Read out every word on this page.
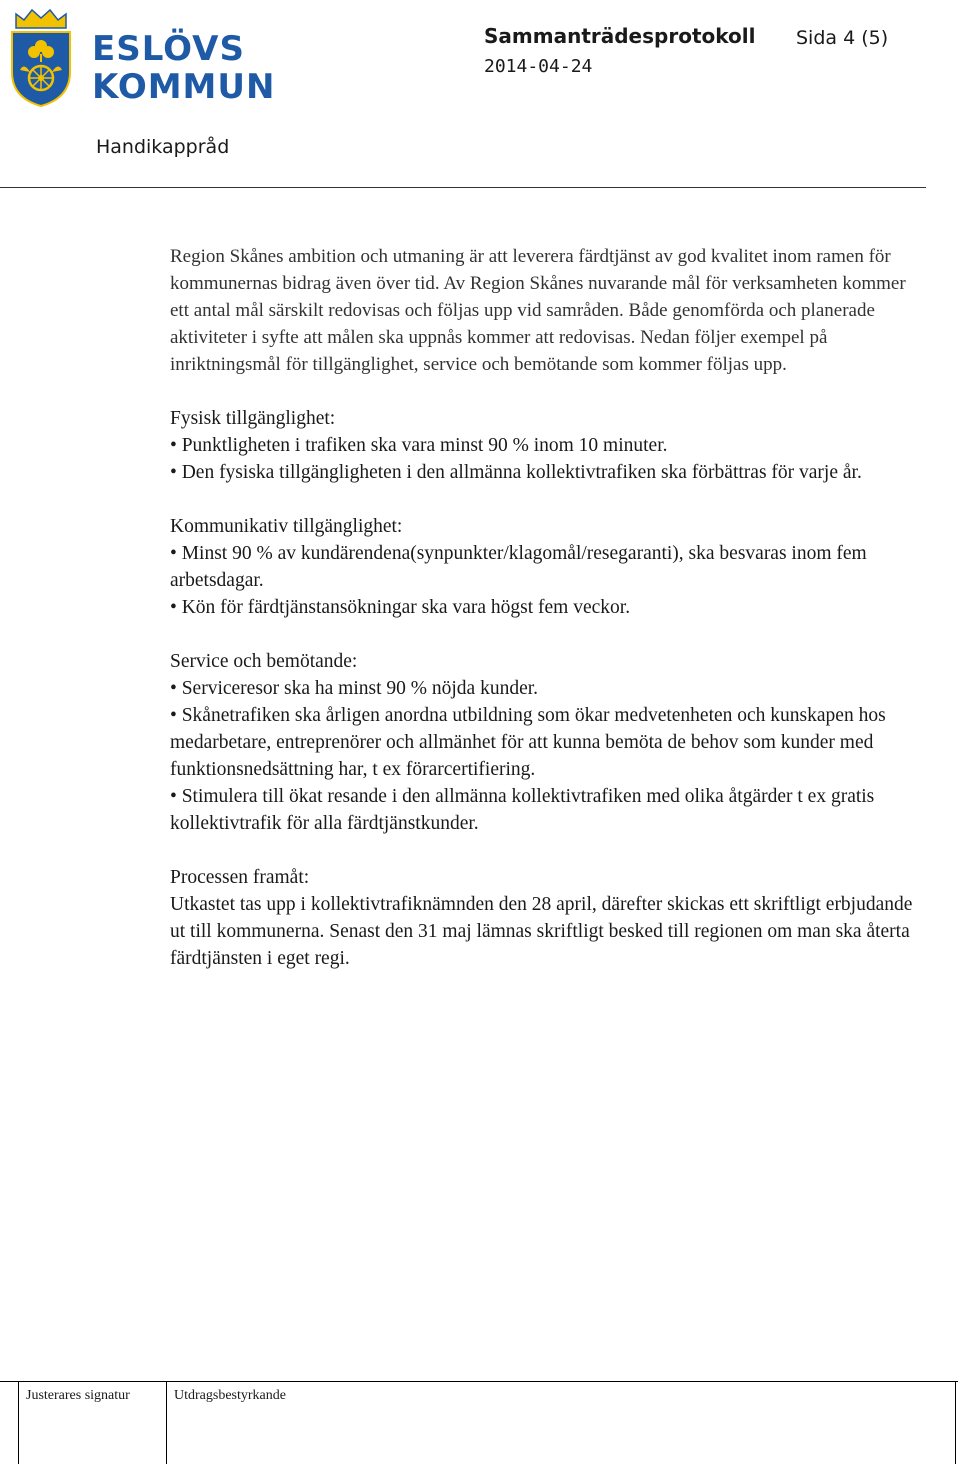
ESLÖVS
KOMMUN
Sammanträdesprotokoll Sida 4 (5)
2014-04-24
Handikappråd

Region Skånes ambition och utmaning är att leverera färdtjänst av god kvalitet inom ramen för kommunernas bidrag även över tid. Av Region Skånes nuvarande mål för verksamheten kommer ett antal mål särskilt redovisas och följas upp vid samråden. Både genomförda och planerade aktiviteter i syfte att målen ska uppnås kommer att redovisas. Nedan följer exempel på inriktningsmål för tillgänglighet, service och bemötande som kommer följas upp.

Fysisk tillgänglighet:

• Punktligheten i trafiken ska vara minst 90 % inom 10 minuter.

• Den fysiska tillgängligheten i den allmänna kollektivtrafiken ska förbättras för varje år.

Kommunikativ tillgänglighet:

• Minst 90 % av kundärendena(synpunkter/klagomål/resegaranti), ska besvaras inom fem arbetsdagar.

• Kön för färdtjänstansökningar ska vara högst fem veckor.

Service och bemötande:

• Serviceresor ska ha minst 90 % nöjda kunder.

• Skånetrafiken ska årligen anordna utbildning som ökar medvetenheten och kunskapen hos medarbetare, entreprenörer och allmänhet för att kunna bemöta de behov som kunder med funktionsnedsättning har, t ex förarcertifiering.

• Stimulera till ökat resande i den allmänna kollektivtrafiken med olika åtgärder t ex gratis kollektivtrafik för alla färdtjänstkunder.

Processen framåt:

Utkastet tas upp i kollektivtrafiknämnden den 28 april, därefter skickas ett skriftligt erbjudande ut till kommunerna. Senast den 31 maj lämnas skriftligt besked till regionen om man ska återta färdtjänsten i eget regi.

Justerares signatur	Utdragsbestyrkande
